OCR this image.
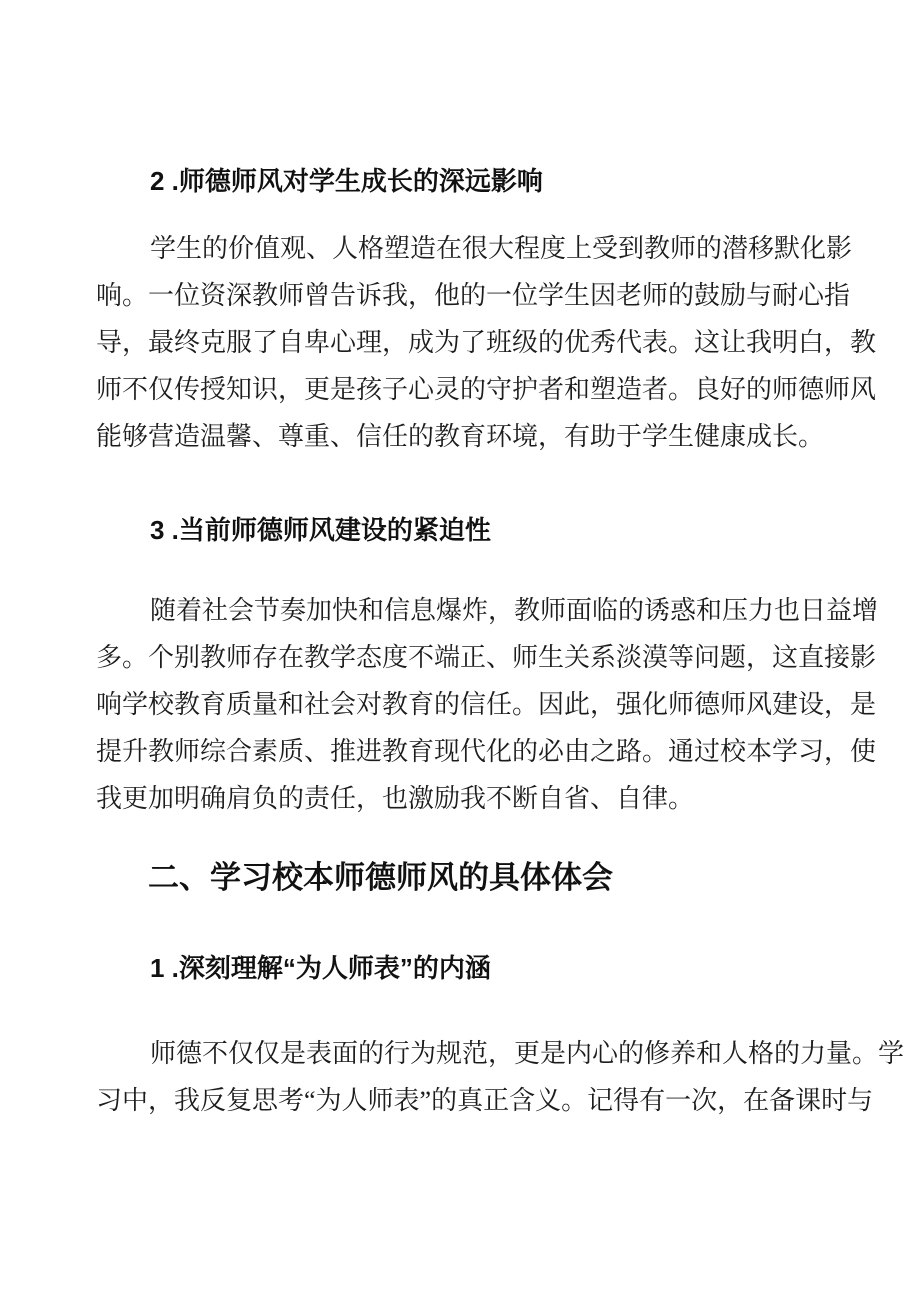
2 .师德师风对学生成长的深远影响
学生的价值观、人格塑造在很大程度上受到教师的潜移默化影
响。一位资深教师曾告诉我，他的一位学生因老师的鼓励与耐心指
导，最终克服了自卑心理，成为了班级的优秀代表。这让我明白，教
师不仅传授知识，更是孩子心灵的守护者和塑造者。良好的师德师风
能够营造温馨、尊重、信任的教育环境，有助于学生健康成长。
3 .当前师德师风建设的紧迫性
随着社会节奏加快和信息爆炸，教师面临的诱惑和压力也日益增
多。个别教师存在教学态度不端正、师生关系淡漠等问题，这直接影
响学校教育质量和社会对教育的信任。因此，强化师德师风建设，是
提升教师综合素质、推进教育现代化的必由之路。通过校本学习，使
我更加明确肩负的责任，也激励我不断自省、自律。
二、学习校本师德师风的具体体会
1 .深刻理解“为人师表”的内涵
师德不仅仅是表面的行为规范，更是内心的修养和人格的力量。学
习中，我反复思考“为人师表”的真正含义。记得有一次，在备课时与
